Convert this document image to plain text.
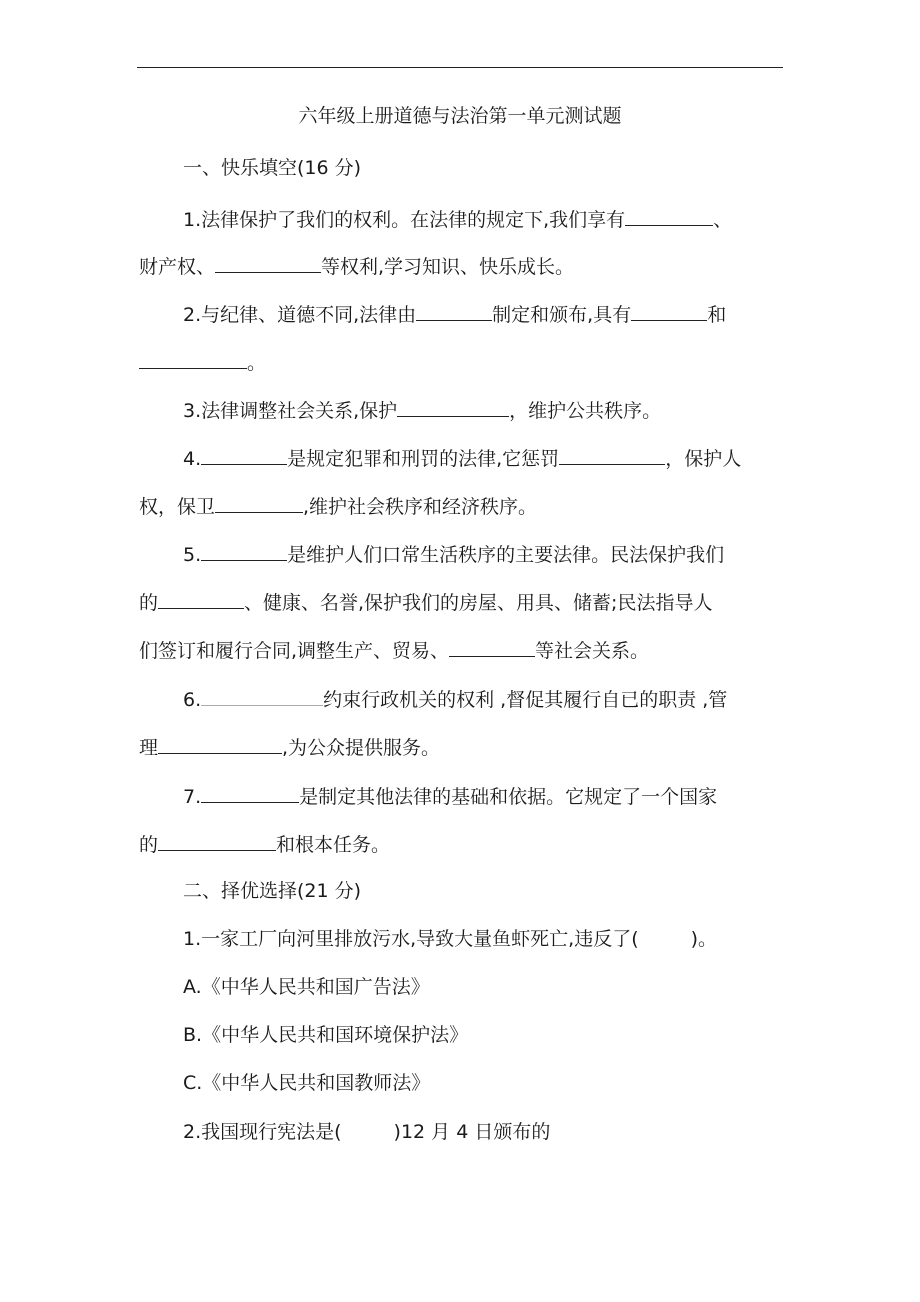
六年级上册道德与法治第一单元测试题
一、快乐填空(16 分)
1.法律保护了我们的权利。在法律的规定下,我们享有	、
财产权、	等权利,学习知识、快乐成长。
2.与纪律、道德不同,法律由	制定和颁布,具有	和
。
3.法律调整社会关系,保护	，维护公共秩序。
4.	是规定犯罪和刑罚的法律,它惩罚	，保护人
权，保卫	,维护社会秩序和经济秩序。
5.	是维护人们口常生活秩序的主要法律。民法保护我们
的	、健康、名誉,保护我们的房屋、用具、储蓄;民法指导人
们签订和履行合同,调整生产、贸易、	等社会关系。
6.	约束行政机关的权利 ,督促其履行自已的职责 ,管
理	,为公众提供服务。
7.	是制定其他法律的基础和依据。它规定了一个国家
的	和根本任务。
二、择优选择(21 分)
1.一家工厂向河里排放污水,导致大量鱼虾死亡,违反了(	)。
A.《中华人民共和国广告法》
B.《中华人民共和国环境保护法》
C.《中华人民共和国教师法》
2.我国现行宪法是(	)12 月 4 日颁布的
